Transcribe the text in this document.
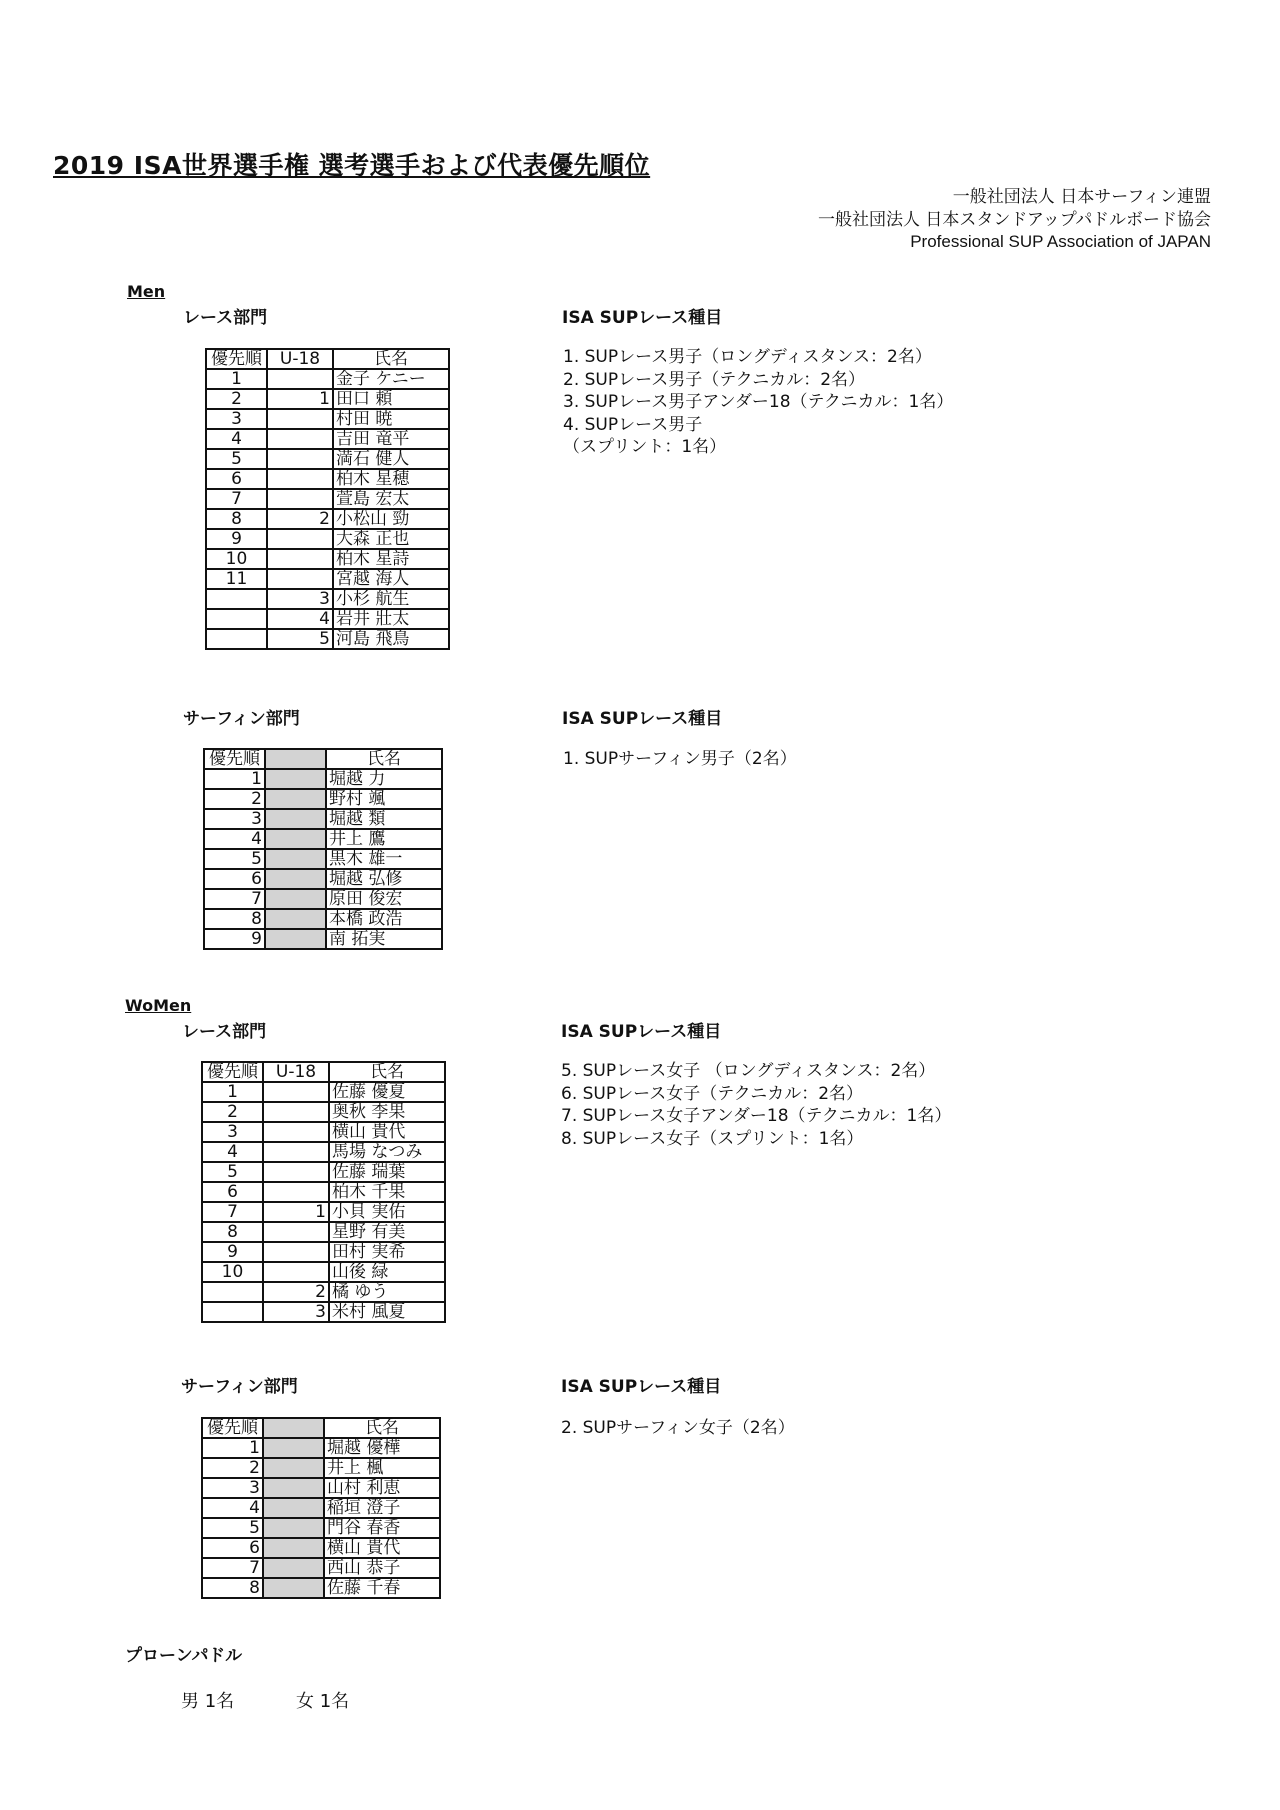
2019 ISA世界選手権 選考選手および代表優先順位
一般社団法人 日本サーフィン連盟
一般社団法人 日本スタンドアップパドルボード協会
Professional SUP Association of JAPAN
Men
レース部門	ISA SUPレース種目
優先順	U-18	氏名
1		金子 ケニー
2	1	田口 頼
3		村田 暁
4		吉田 竜平
5		満石 健人
6		柏木 星穂
7		萱島 宏太
8	2	小松山 勁
9		大森 正也
10		柏木 星詩
11		宮越 海人
	3	小杉 航生
	4	岩井 壯太
	5	河島 飛鳥
1. SUPレース男子（ロングディスタンス：2名）
2. SUPレース男子（テクニカル：2名）
3. SUPレース男子アンダー18（テクニカル：1名）
4. SUPレース男子
（スプリント：1名）
サーフィン部門	ISA SUPレース種目
優先順		氏名
1		堀越 力
2		野村 颯
3		堀越 類
4		井上 鷹
5		黒木 雄一
6		堀越 弘修
7		原田 俊宏
8		本橋 政浩
9		南 拓実
1. SUPサーフィン男子（2名）
WoMen
レース部門	ISA SUPレース種目
優先順	U-18	氏名
1		佐藤 優夏
2		奥秋 李果
3		横山 貴代
4		馬場 なつみ
5		佐藤 瑞葉
6		柏木 千果
7	1	小貝 実佑
8		星野 有美
9		田村 実希
10		山後 緑
	2	橘 ゆう
	3	米村 風夏
5. SUPレース女子 （ロングディスタンス：2名）
6. SUPレース女子（テクニカル：2名）
7. SUPレース女子アンダー18（テクニカル：1名）
8. SUPレース女子（スプリント：1名）
サーフィン部門	ISA SUPレース種目
優先順		氏名
1		堀越 優樺
2		井上 楓
3		山村 利恵
4		稲垣 澄子
5		門谷 春香
6		横山 貴代
7		西山 恭子
8		佐藤 千春
2. SUPサーフィン女子（2名）
プローンパドル
男 1名	女 1名
